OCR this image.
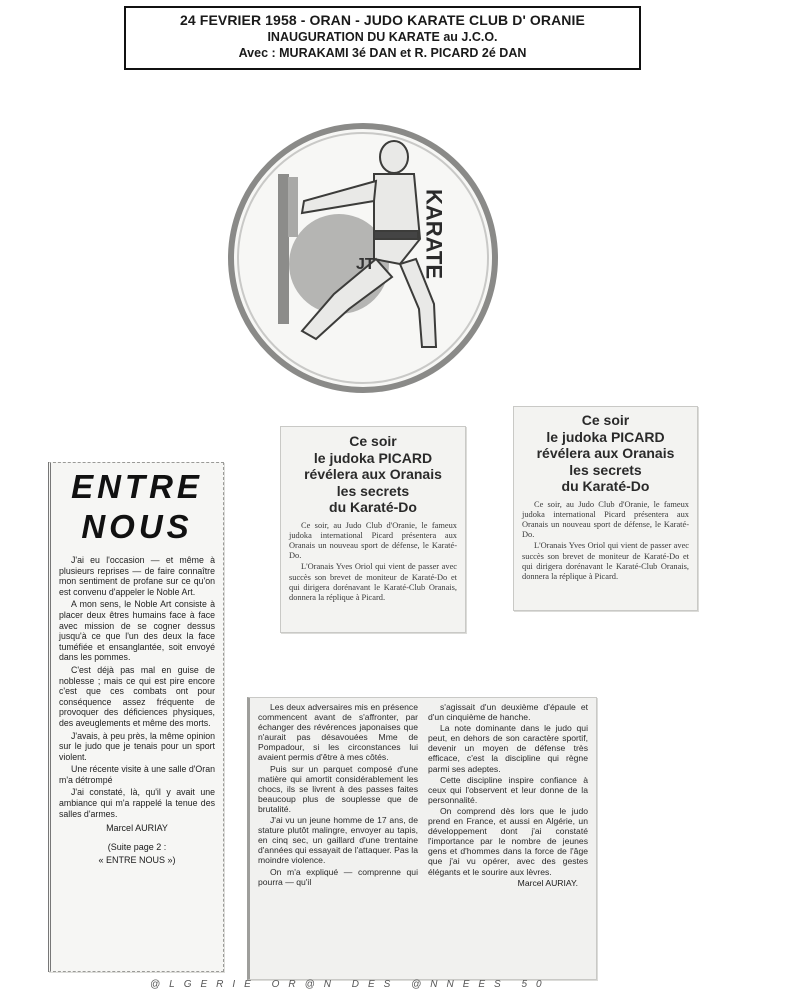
24 FEVRIER 1958 - ORAN - JUDO KARATE CLUB D' ORANIE
INAUGURATION DU KARATE au J.C.O.
Avec : MURAKAMI 3é DAN et R. PICARD 2é DAN
JT KARATE
Ce soir
le judoka PICARD
révélera aux Oranais
les secrets
du Karaté-Do

Ce soir, au Judo Club d'Oranie, le fameux judoka international Picard présentera aux Oranais un nouveau sport de défense, le Karaté-Do.

L'Oranais Yves Oriol qui vient de passer avec succès son brevet de moniteur de Karaté-Do et qui dirigera dorénavant le Karaté-Club Oranais, donnera la réplique à Picard.

Ce soir
le judoka PICARD
révélera aux Oranais
les secrets
du Karaté-Do

Ce soir, au Judo Club d'Oranie, le fameux judoka international Picard présentera aux Oranais un nouveau sport de défense, le Karaté-Do.

L'Oranais Yves Oriol qui vient de passer avec succès son brevet de moniteur de Karaté-Do et qui dirigera dorénavant le Karaté-Club Oranais, donnera la réplique à Picard.

ENTRE
NOUS

J'ai eu l'occasion — et même à plusieurs reprises — de faire connaître mon sentiment de profane sur ce qu'on est convenu d'appeler le Noble Art.

A mon sens, le Noble Art consiste à placer deux êtres humains face à face avec mission de se cogner dessus jusqu'à ce que l'un des deux la face tuméfiée et ensanglantée, soit envoyé dans les pommes.

C'est déjà pas mal en guise de noblesse ; mais ce qui est pire encore c'est que ces combats ont pour conséquence assez fréquente de provoquer des déficiences physiques, des aveuglements et même des morts.

J'avais, à peu près, la même opinion sur le judo que je tenais pour un sport violent.

Une récente visite à une salle d'Oran m'a détrompé

J'ai constaté, là, qu'il y avait une ambiance qui m'a rappelé la tenue des salles d'armes.

Marcel AURIAY
(Suite page 2 :
« ENTRE NOUS »)

Les deux adversaires mis en présence commencent avant de s'affronter, par échanger des révérences japonaises que n'aurait pas désavouées Mme de Pompadour, si les circonstances lui avaient permis d'être à mes côtés.

Puis sur un parquet composé d'une matière qui amortit considérablement les chocs, ils se livrent à des passes faites beaucoup plus de souplesse que de brutalité.

J'ai vu un jeune homme de 17 ans, de stature plutôt malingre, envoyer au tapis, en cinq sec, un gaillard d'une trentaine d'années qui essayait de l'attaquer. Pas la moindre violence.

On m'a expliqué — comprenne qui pourra — qu'il

s'agissait d'un deuxième d'épaule et d'un cinquième de hanche.

La note dominante dans le judo qui peut, en dehors de son caractère sportif, devenir un moyen de défense très efficace, c'est la discipline qui règne parmi ses adeptes.

Cette discipline inspire confiance à ceux qui l'observent et leur donne de la personnalité.

On comprend dès lors que le judo prend en France, et aussi en Algérie, un développement dont j'ai constaté l'importance par le nombre de jeunes gens et d'hommes dans la force de l'âge que j'ai vu opérer, avec des gestes élégants et le sourire aux lèvres.

Marcel AURIAY.
@LGERIE OR@N DES @NNEES 50
